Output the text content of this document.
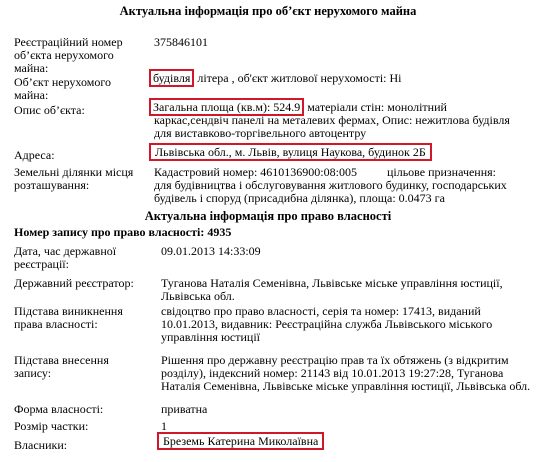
Актуальна інформація про об’єкт нерухомого майна
Реєстраційний номер
об’єкта нерухомого
майна:
375846101
Об’єкт нерухомого
майна:
будівля літера , об'єкт житлової нерухомості: Ні
Опис об’єкта:	Загальна площа (кв.м): 524.9 матеріали стін: монолітний
каркас,сендвіч панелі на металевих фермах, Опис: нежитлова будівля
для виставково-торгівельного автоцентру
Адреса:	Львівська обл., м. Львів, вулиця Наукова, будинок 2Б
Земельні ділянки місця
розташування:
Кадастровий номер: 4610136900:08:005	цільове призначення:
для будівництва і обслуговування житлового будинку, господарських
будівель і споруд (присадибна ділянка), площа: 0.0473 га
Актуальна інформація про право власності
Номер запису про право власності: 4935
Дата, час державної
реєстрації:
09.01.2013 14:33:09
Державний реєстратор: Туганова Наталія Семенівна, Львівське міське управління юстиції,
Львівська обл.
Підстава виникнення
права власності:
свідоцтво про право власності, серія та номер: 17413, виданий
10.01.2013, видавник: Реєстраційна служба Львівського міського
управління юстиції
Підстава внесення
запису:
Рішення про державну реєстрацію прав та їх обтяжень (з відкритим
розділу), індексний номер: 21143 від 10.01.2013 19:27:28, Туганова
Наталія Семенівна, Львівське міське управління юстиції, Львівська обл.
Форма власності:	приватна
Розмір частки:	1
Власники:	Бреземь Катерина Миколаївна
